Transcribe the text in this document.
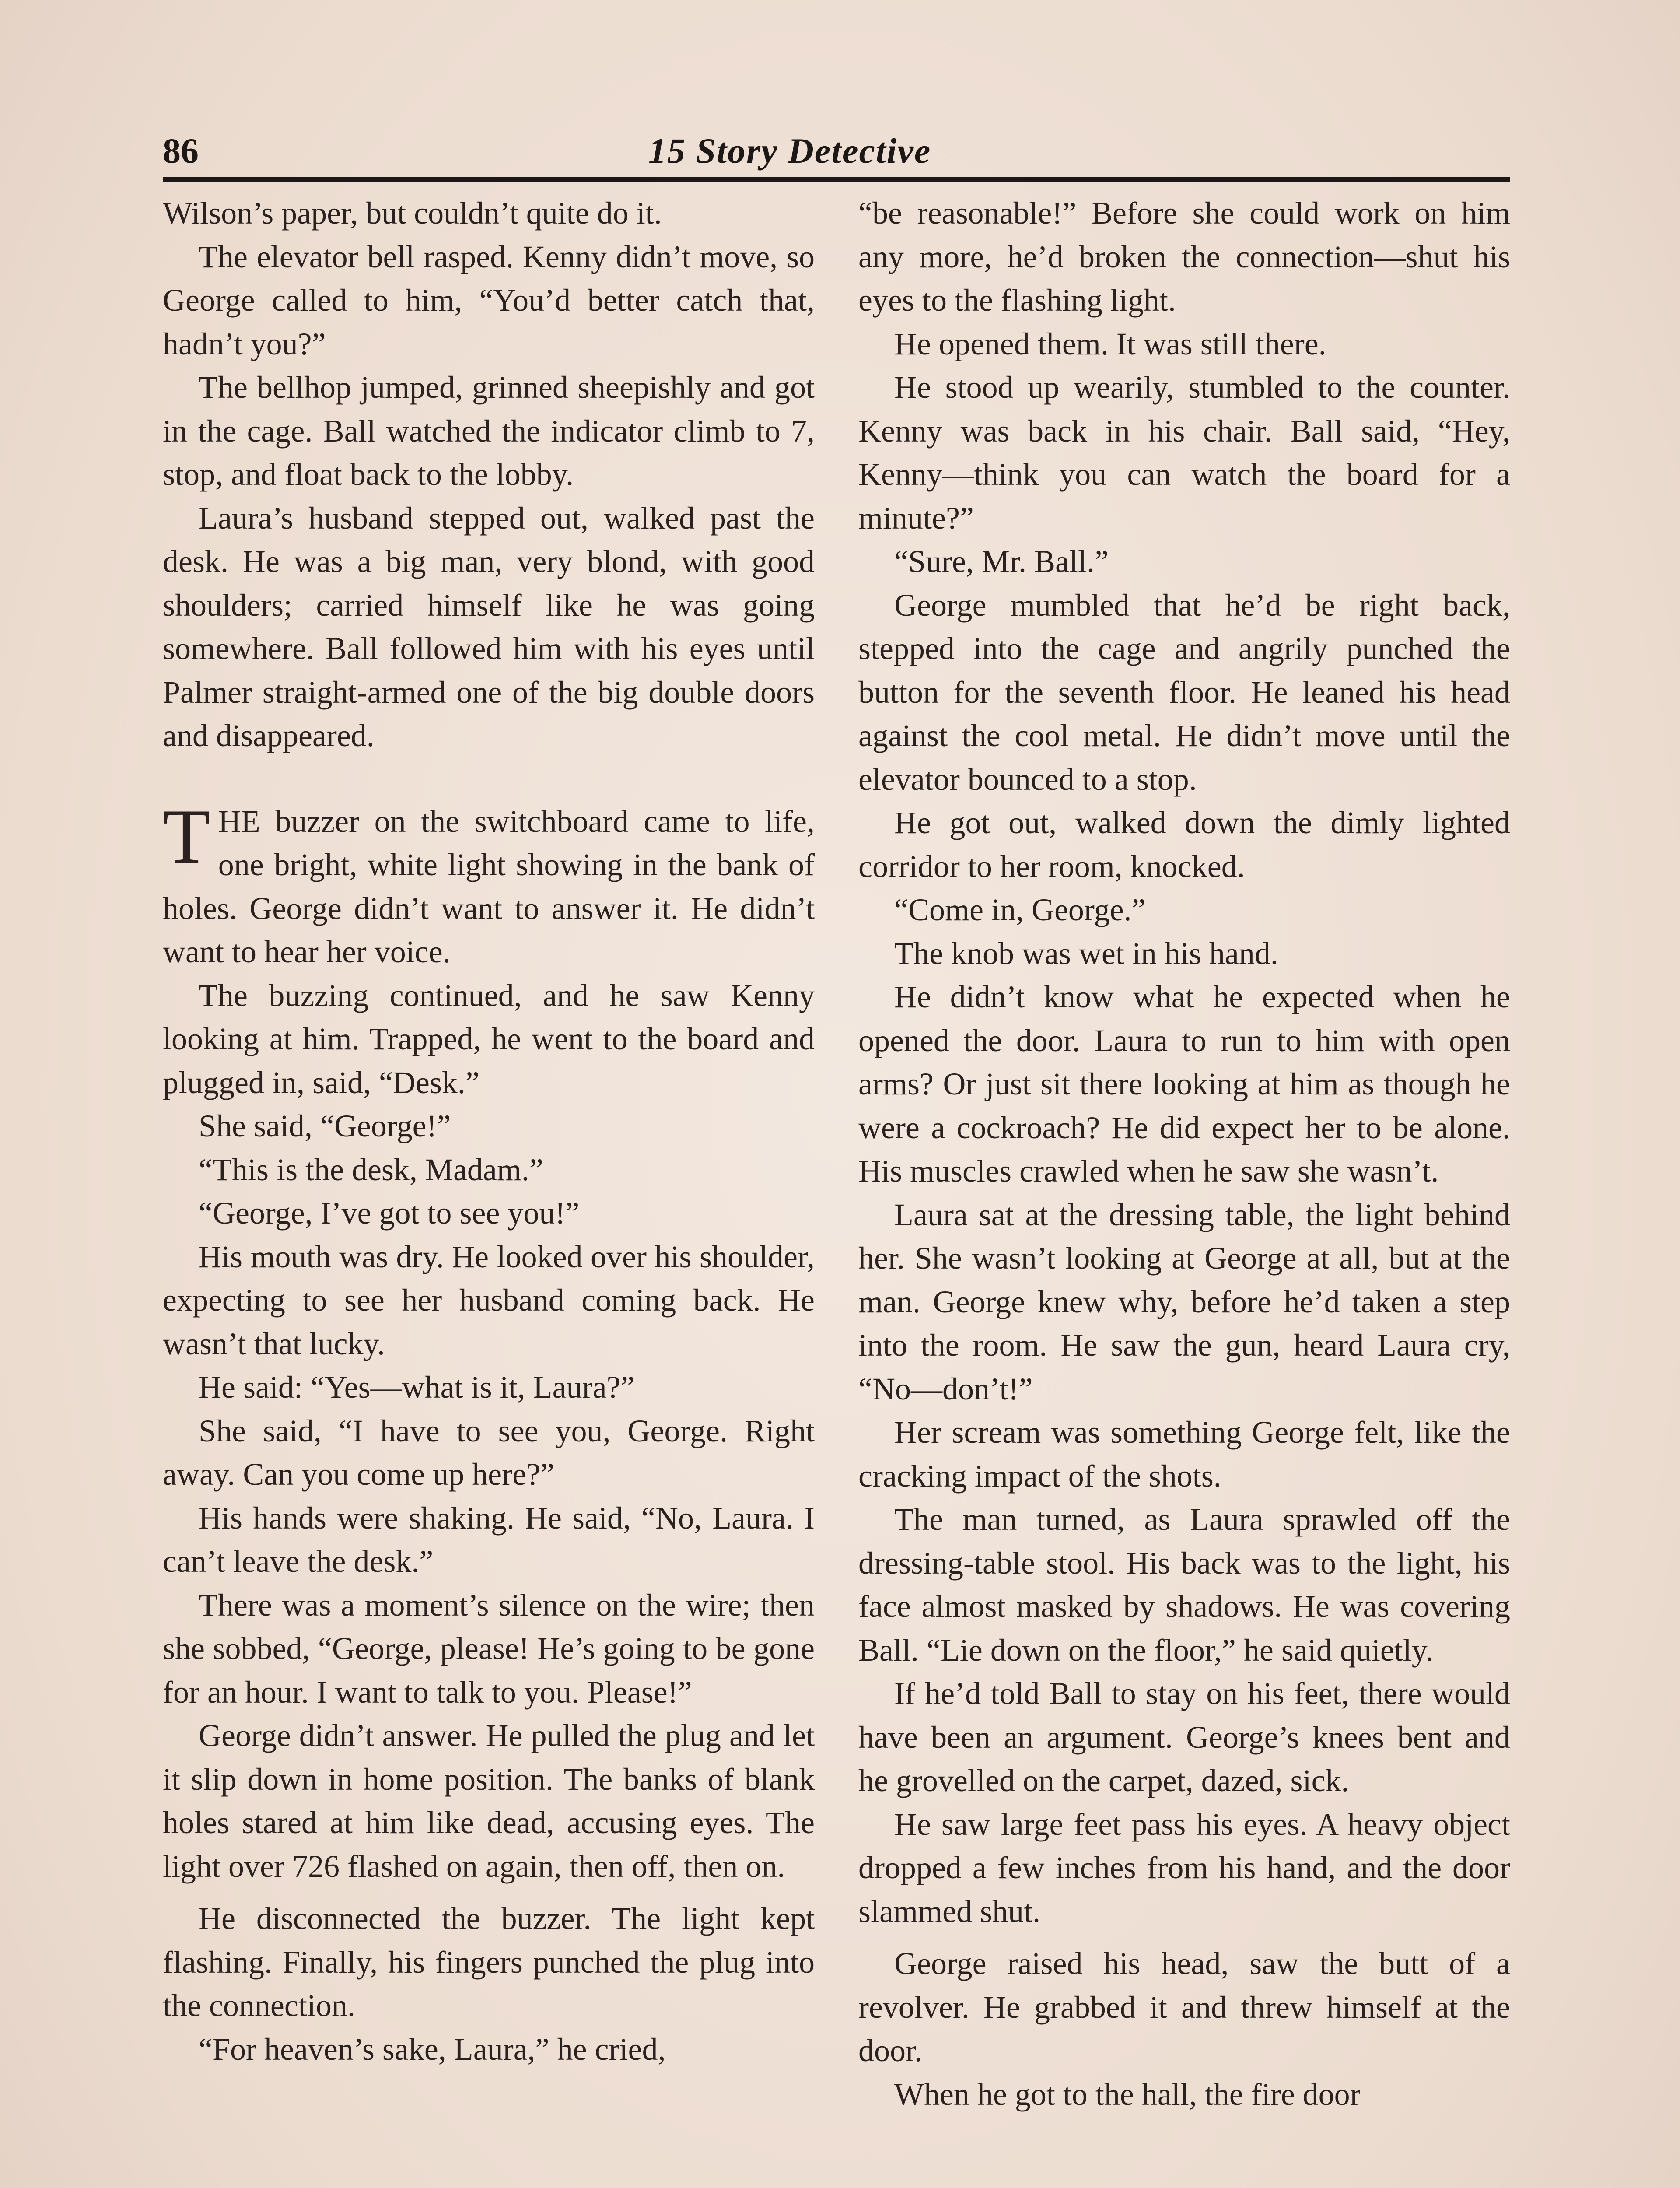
86	15 Story Detective

Wilson’s paper, but couldn’t quite do it.

The elevator bell rasped. Kenny didn’t move, so George called to him, “You’d better catch that, hadn’t you?”

The bellhop jumped, grinned sheepishly and got in the cage. Ball watched the indicator climb to 7, stop, and float back to the lobby.

Laura’s husband stepped out, walked past the desk. He was a big man, very blond, with good shoulders; carried himself like he was going somewhere. Ball followed him with his eyes until Palmer straight-armed one of the big double doors and disappeared.

THE buzzer on the switchboard came to life, one bright, white light showing in the bank of holes. George didn’t want to answer it. He didn’t want to hear her voice.

The buzzing continued, and he saw Kenny looking at him. Trapped, he went to the board and plugged in, said, “Desk.”

She said, “George!”

“This is the desk, Madam.”

“George, I’ve got to see you!”

His mouth was dry. He looked over his shoulder, expecting to see her husband coming back. He wasn’t that lucky.

He said: “Yes—what is it, Laura?”

She said, “I have to see you, George. Right away. Can you come up here?”

His hands were shaking. He said, “No, Laura. I can’t leave the desk.”

There was a moment’s silence on the wire; then she sobbed, “George, please! He’s going to be gone for an hour. I want to talk to you. Please!”

George didn’t answer. He pulled the plug and let it slip down in home position. The banks of blank holes stared at him like dead, accusing eyes. The light over 726 flashed on again, then off, then on.

He disconnected the buzzer. The light kept flashing. Finally, his fingers punched the plug into the connection.

“For heaven’s sake, Laura,” he cried,

“be reasonable!” Before she could work on him any more, he’d broken the connection—shut his eyes to the flashing light.

He opened them. It was still there.

He stood up wearily, stumbled to the counter. Kenny was back in his chair. Ball said, “Hey, Kenny—think you can watch the board for a minute?”

“Sure, Mr. Ball.”

George mumbled that he’d be right back, stepped into the cage and angrily punched the button for the seventh floor. He leaned his head against the cool metal. He didn’t move until the elevator bounced to a stop.

He got out, walked down the dimly lighted corridor to her room, knocked.

“Come in, George.”

The knob was wet in his hand.

He didn’t know what he expected when he opened the door. Laura to run to him with open arms? Or just sit there looking at him as though he were a cockroach? He did expect her to be alone. His muscles crawled when he saw she wasn’t.

Laura sat at the dressing table, the light behind her. She wasn’t looking at George at all, but at the man. George knew why, before he’d taken a step into the room. He saw the gun, heard Laura cry, “No—don’t!”

Her scream was something George felt, like the cracking impact of the shots.

The man turned, as Laura sprawled off the dressing-table stool. His back was to the light, his face almost masked by shadows. He was covering Ball. “Lie down on the floor,” he said quietly.

If he’d told Ball to stay on his feet, there would have been an argument. George’s knees bent and he grovelled on the carpet, dazed, sick.

He saw large feet pass his eyes. A heavy object dropped a few inches from his hand, and the door slammed shut.

George raised his head, saw the butt of a revolver. He grabbed it and threw himself at the door.

When he got to the hall, the fire door
